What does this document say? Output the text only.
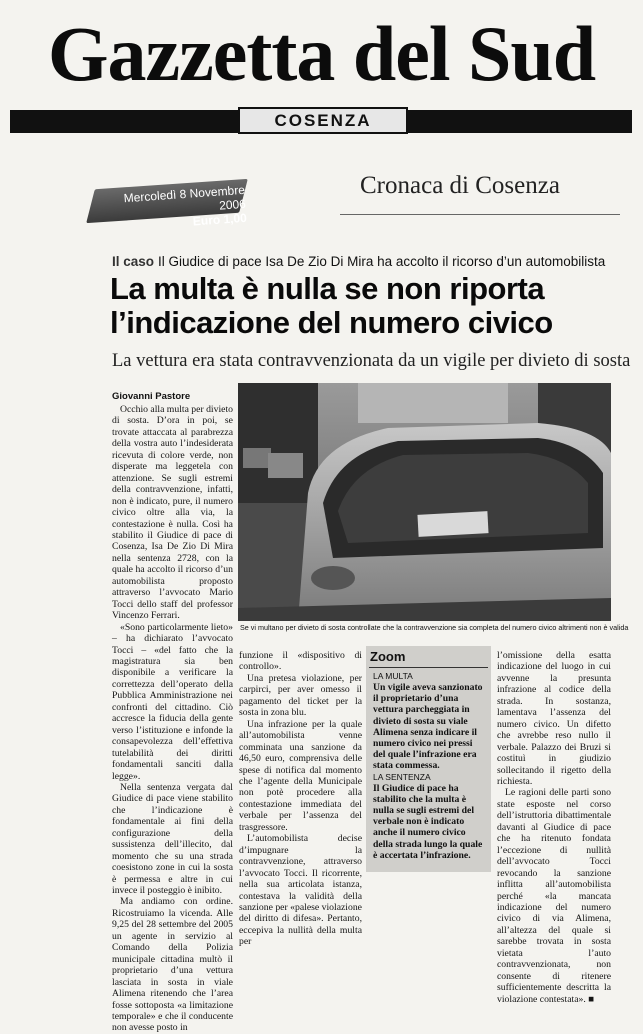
Gazzetta del Sud
COSENZA
Mercoledì 8 Novembre 2006
Euro 1,00
Cronaca di Cosenza
Il caso Il Giudice di pace Isa De Zio Di Mira ha accolto il ricorso d’un automobilista
La multa è nulla se non riporta l’indicazione del numero civico
La vettura era stata contravvenzionata da un vigile per divieto di sosta
Giovanni Pastore

Occhio alla multa per divieto di sosta. D’ora in poi, se trovate attaccata al parabrezza della vostra auto l’indesiderata ricevuta di colore verde, non disperate ma leggetela con attenzione. Se sugli estremi della contravvenzione, infatti, non è indicato, pure, il numero civico oltre alla via, la contestazione è nulla. Così ha stabilito il Giudice di pace di Cosenza, Isa De Zio Di Mira nella sentenza 2728, con la quale ha accolto il ricorso d’un automobilista proposto attraverso l’avvocato Mario Tocci dello staff del professor Vincenzo Ferrari.

«Sono particolarmente lieto» – ha dichiarato l’avvocato Tocci – «del fatto che la magistratura sia ben disponibile a verificare la correttezza dell’operato della Pubblica Amministrazione nei confronti del cittadino. Ciò accresce la fiducia della gente verso l’istituzione e infonde la consapevolezza dell’effettiva tutelabilità dei diritti fondamentali sanciti dalla legge».

Nella sentenza vergata dal Giudice di pace viene stabilito che l’indicazione è fondamentale ai fini della configurazione della sussistenza dell’illecito, dal momento che su una strada coesistono zone in cui la sosta è permessa e altre in cui invece il posteggio è inibito.

Ma andiamo con ordine. Ricostruiamo la vicenda. Alle 9,25 del 28 settembre del 2005 un agente in servizio al Comando della Polizia municipale cittadina multò il proprietario d’una vettura lasciata in sosta in viale Alimena ritenendo che l’area fosse sottoposta «a limitazione temporale» e che il conducente non avesse posto in

Se vi multano per divieto di sosta controllate che la contravvenzione sia completa del numero civico altrimenti non è valida

funzione il «dispositivo di controllo».

Una pretesa violazione, per carpirci, per aver omesso il pagamento del ticket per la sosta in zona blu.

Una infrazione per la quale all’automobilista venne comminata una sanzione da 46,50 euro, comprensiva delle spese di notifica dal momento che l’agente della Municipale non potè procedere alla contestazione immediata del verbale per l’assenza del trasgressore.

L’automobilista decise d’impugnare la contravvenzione, attraverso l’avvocato Tocci. Il ricorrente, nella sua articolata istanza, contestava la validità della sanzione per «palese violazione del diritto di difesa». Pertanto, eccepiva la nullità della multa per

Zoom
LA MULTA
Un vigile aveva sanzionato il proprietario d’una vettura parcheggiata in divieto di sosta su viale Alimena senza indicare il numero civico nei pressi del quale l’infrazione era stata commessa.
LA SENTENZA
Il Giudice di pace ha stabilito che la multa è nulla se sugli estremi del verbale non è indicato anche il numero civico della strada lungo la quale è accertata l’infrazione.

l’omissione della esatta indicazione del luogo in cui avvenne la presunta infrazione al codice della strada. In sostanza, lamentava l’assenza del numero civico. Un difetto che avrebbe reso nullo il verbale. Palazzo dei Bruzi si costituì in giudizio sollecitando il rigetto della richiesta.

Le ragioni delle parti sono state esposte nel corso dell’istruttoria dibattimentale davanti al Giudice di pace che ha ritenuto fondata l’eccezione di nullità dell’avvocato Tocci revocando la sanzione inflitta all’automobilista perché «la mancata indicazione del numero civico di via Alimena, all’altezza del quale si sarebbe trovata in sosta vietata l’auto contravvenzionata, non consente di ritenere sufficientemente descritta la violazione contestata». ■
